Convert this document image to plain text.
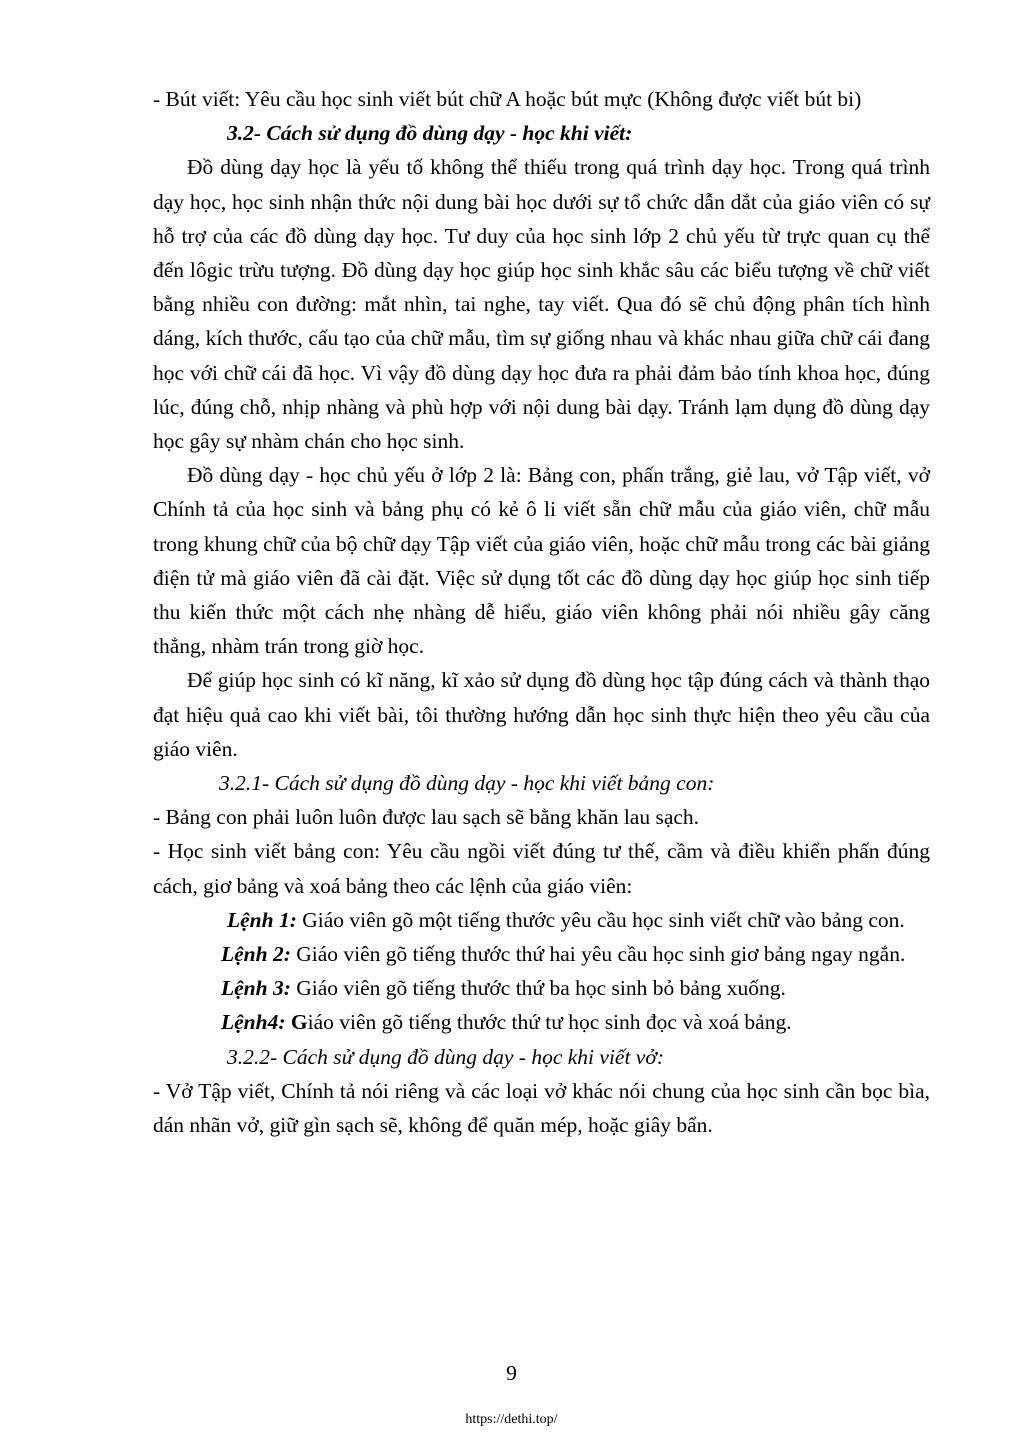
- Bút viết: Yêu cầu học sinh viết bút chữ A hoặc bút mực (Không được viết bút bi)

3.2- Cách sử dụng đồ dùng dạy - học khi viết:

Đồ dùng dạy học là yếu tố không thể thiếu trong quá trình dạy học. Trong quá trình dạy học, học sinh nhận thức nội dung bài học dưới sự tổ chức dẫn dắt của giáo viên có sự hỗ trợ của các đồ dùng dạy học. Tư duy của học sinh lớp 2 chủ yếu từ trực quan cụ thể đến lôgic trừu tượng. Đồ dùng dạy học giúp học sinh khắc sâu các biểu tượng về chữ viết bằng nhiều con đường: mắt nhìn, tai nghe, tay viết. Qua đó sẽ chủ động phân tích hình dáng, kích thước, cấu tạo của chữ mẫu, tìm sự giống nhau và khác nhau giữa chữ cái đang học với chữ cái đã học. Vì vậy đồ dùng dạy học đưa ra phải đảm bảo tính khoa học, đúng lúc, đúng chỗ, nhịp nhàng và phù hợp với nội dung bài dạy. Tránh lạm dụng đồ dùng dạy học gây sự nhàm chán cho học sinh.

Đồ dùng dạy - học chủ yếu ở lớp 2 là: Bảng con, phấn trắng, giẻ lau, vở Tập viết, vở Chính tả của học sinh và bảng phụ có kẻ ô li viết sẵn chữ mẫu của giáo viên, chữ mẫu trong khung chữ của bộ chữ dạy Tập viết của giáo viên, hoặc chữ mẫu trong các bài giảng điện tử mà giáo viên đã cài đặt. Việc sử dụng tốt các đồ dùng dạy học giúp học sinh tiếp thu kiến thức một cách nhẹ nhàng dễ hiểu, giáo viên không phải nói nhiều gây căng thẳng, nhàm trán trong giờ học.

Để giúp học sinh có kĩ năng, kĩ xảo sử dụng đồ dùng học tập đúng cách và thành thạo đạt hiệu quả cao khi viết bài, tôi thường hướng dẫn học sinh thực hiện theo yêu cầu của giáo viên.

3.2.1- Cách sử dụng đồ dùng dạy - học khi viết bảng con:

- Bảng con phải luôn luôn được lau sạch sẽ bằng khăn lau sạch.

- Học sinh viết bảng con: Yêu cầu ngồi viết đúng tư thế, cầm và điều khiển phấn đúng cách, giơ bảng và xoá bảng theo các lệnh của giáo viên:

Lệnh 1: Giáo viên gõ một tiếng thước yêu cầu học sinh viết chữ vào bảng con.

Lệnh 2: Giáo viên gõ tiếng thước thứ hai yêu cầu học sinh giơ bảng ngay ngắn.

Lệnh 3: Giáo viên gõ tiếng thước thứ ba học sinh bỏ bảng xuống.

Lệnh4: Giáo viên gõ tiếng thước thứ tư học sinh đọc và xoá bảng.

3.2.2- Cách sử dụng đồ dùng dạy - học khi viết vở:

- Vở Tập viết, Chính tả nói riêng và các loại vở khác nói chung của học sinh cần bọc bìa, dán nhãn vở, giữ gìn sạch sẽ, không để quăn mép, hoặc giây bẩn.

9
https://dethi.top/
